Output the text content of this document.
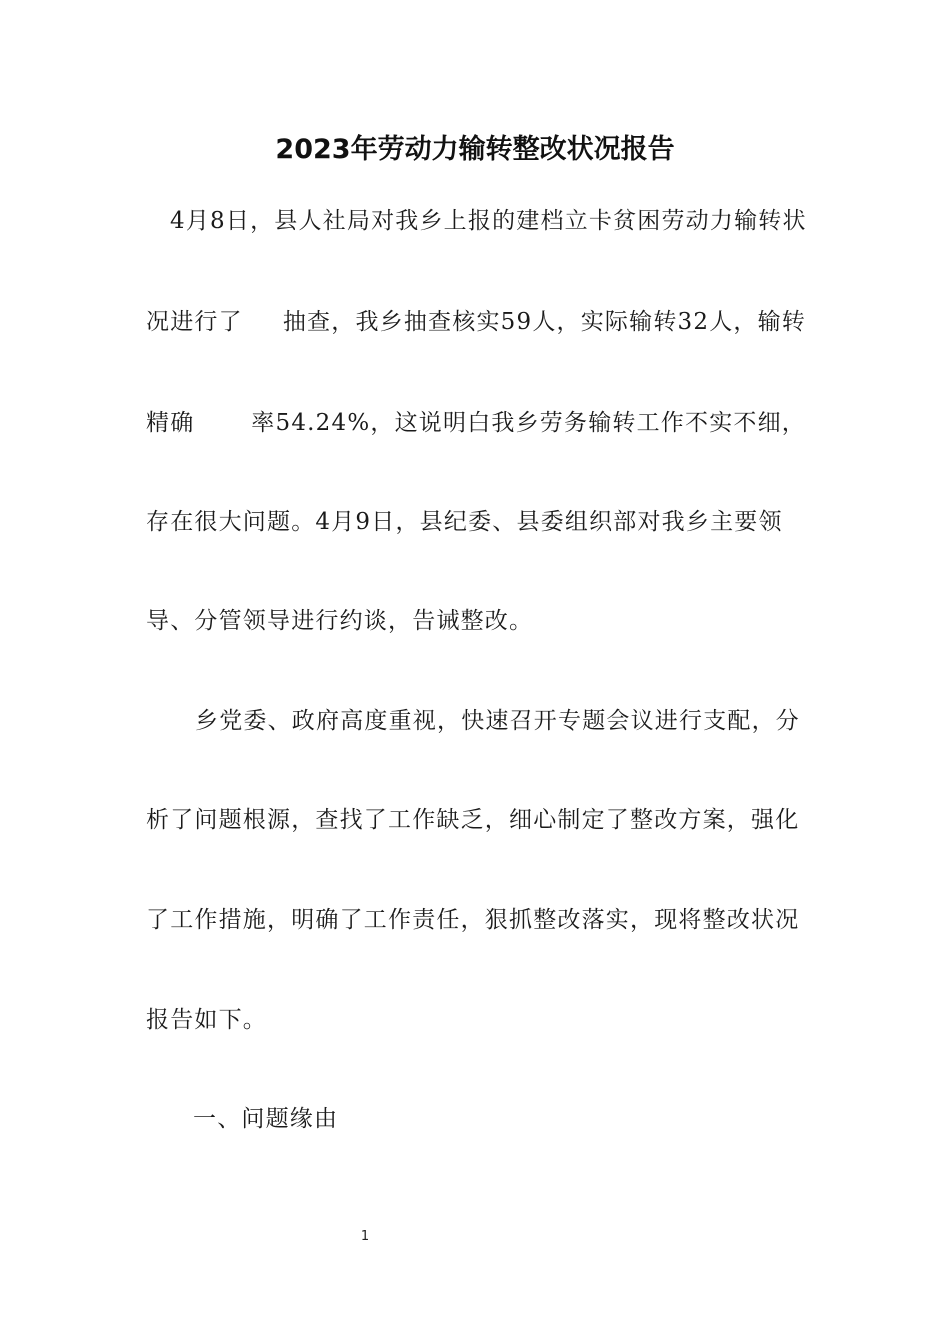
2023年劳动力输转整改状况报告
4月8日，县人社局对我乡上报的建档立卡贫困劳动力输转状
况进行了 抽查，我乡抽查核实59人，实际输转32人，输转
精确 率54.24%，这说明白我乡劳务输转工作不实不细，
存在很大问题。4月9日，县纪委、县委组织部对我乡主要领
导、分管领导进行约谈，告诫整改。
乡党委、政府高度重视，快速召开专题会议进行支配，分
析了问题根源，查找了工作缺乏，细心制定了整改方案，强化
了工作措施，明确了工作责任，狠抓整改落实，现将整改状况
报告如下。
一、问题缘由
1
